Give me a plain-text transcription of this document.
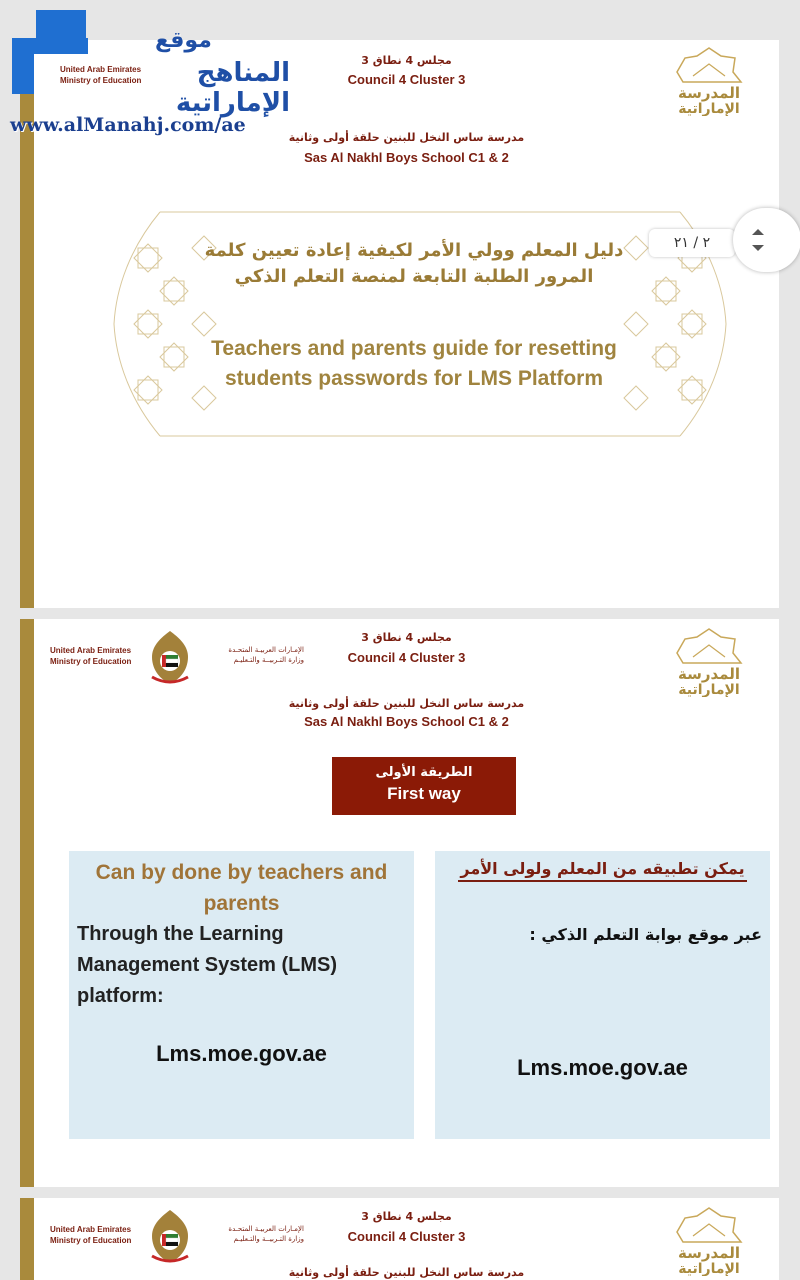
مجلس 4 نطاق 3
Council 4 Cluster 3
مدرسة ساس النخل للبنين حلقة أولى وثانية
Sas Al Nakhl Boys School C1 & 2
المدرسة
الإماراتية
دليل المعلم وولي الأمر لكيفية إعادة تعيين كلمة المرور الطلبة التابعة لمنصة التعلم الذكي
Teachers and parents guide for resetting students passwords for LMS Platform
٢ / ٢١
United Arab Emirates
Ministry of Education
الإمـارات العربيـة المتحـدة
وزارة التـربيــة والتـعليـم
مجلس 4 نطاق 3
Council 4 Cluster 3
مدرسة ساس النخل للبنين حلقة أولى وثانية
Sas Al Nakhl Boys School C1 & 2
المدرسة
الإماراتية
الطريقة الأولى
First way
Can by done by teachers and parents
Through the Learning Management System (LMS) platform:
Lms.moe.gov.ae
يمكن تطبيقه من المعلم ولولى الأمر
عبر موقع بوابة التعلم الذكي :
Lms.moe.gov.ae
United Arab Emirates
Ministry of Education
الإمـارات العربيـة المتحـدة
وزارة التـربيــة والتـعليـم
مجلس 4 نطاق 3
Council 4 Cluster 3
مدرسة ساس النخل للبنين حلقة أولى وثانية
المدرسة
الإماراتية
United Arab Emirates
Ministry of Education
موقع
المناهج الإماراتية
www.alManahj.com/ae
